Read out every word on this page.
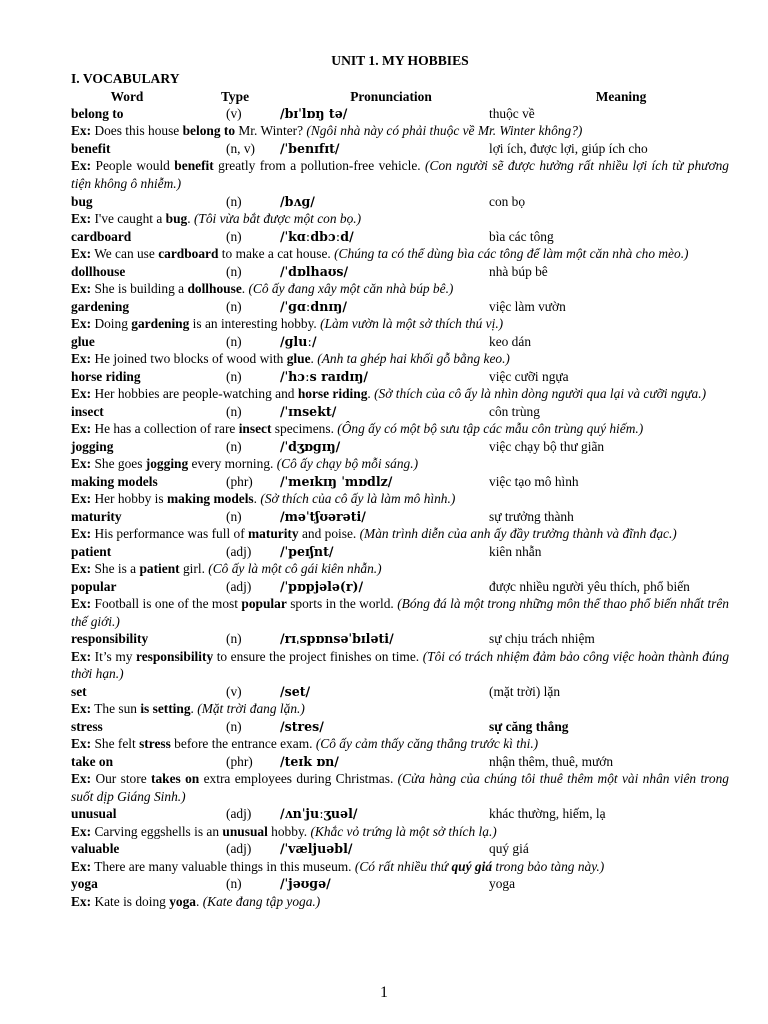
UNIT 1. MY HOBBIES
I. VOCABULARY
Word	Type	Pronunciation	Meaning
belong to	(v)	/bɪˈlɒŋ tə/	thuộc về
Ex: Does this house belong to Mr. Winter? (Ngôi nhà này có phải thuộc về Mr. Winter không?)
benefit	(n, v)	/ˈbenɪfɪt/	lợi ích, được lợi, giúp ích cho
Ex: People would benefit greatly from a pollution-free vehicle. (Con người sẽ được hưởng rất nhiều lợi ích từ phương tiện không ô nhiễm.)
bug	(n)	/bʌɡ/	con bọ
Ex: I've caught a bug. (Tôi vừa bắt được một con bọ.)
cardboard	(n)	/ˈkɑːdbɔːd/	bìa các tông
Ex: We can use cardboard to make a cat house. (Chúng ta có thể dùng bìa các tông để làm một căn nhà cho mèo.)
dollhouse	(n)	/ˈdɒlhaʊs/	nhà búp bê
Ex: She is building a dollhouse. (Cô ấy đang xây một căn nhà búp bê.)
gardening	(n)	/ˈɡɑːdnɪŋ/	việc làm vườn
Ex: Doing gardening is an interesting hobby. (Làm vườn là một sở thích thú vị.)
glue	(n)	/ɡluː/	keo dán
Ex: He joined two blocks of wood with glue. (Anh ta ghép hai khối gỗ bằng keo.)
horse riding	(n)	/ˈhɔːs raɪdɪŋ/	việc cưỡi ngựa
Ex: Her hobbies are people-watching and horse riding. (Sở thích của cô ấy là nhìn dòng người qua lại và cưỡi ngựa.)
insect	(n)	/ˈɪnsekt/	côn trùng
Ex: He has a collection of rare insect specimens. (Ông ấy có một bộ sưu tập các mẫu côn trùng quý hiếm.)
jogging	(n)	/ˈdʒɒɡɪŋ/	việc chạy bộ thư giãn
Ex: She goes jogging every morning. (Cô ấy chạy bộ mỗi sáng.)
making models	(phr)	/ˈmeɪkɪŋ ˈmɒdlz/	việc tạo mô hình
Ex: Her hobby is making models. (Sở thích của cô ấy là làm mô hình.)
maturity	(n)	/məˈtʃʊərəti/	sự trưởng thành
Ex: His performance was full of maturity and poise. (Màn trình diễn của anh ấy đầy trưởng thành và đĩnh đạc.)
patient	(adj)	/ˈpeɪʃnt/	kiên nhẫn
Ex: She is a patient girl. (Cô ấy là một cô gái kiên nhẫn.)
popular	(adj)	/ˈpɒpjələ(r)/	được nhiều người yêu thích, phổ biến
Ex: Football is one of the most popular sports in the world. (Bóng đá là một trong những môn thể thao phổ biến nhất trên thế giới.)
responsibility	(n)	/rɪˌspɒnsəˈbɪləti/	sự chịu trách nhiệm
Ex: It’s my responsibility to ensure the project finishes on time. (Tôi có trách nhiệm đảm bảo công việc hoàn thành đúng thời hạn.)
set	(v)	/set/	(mặt trời) lặn
Ex: The sun is setting. (Mặt trời đang lặn.)
stress	(n)	/stres/	sự căng thẳng
Ex: She felt stress before the entrance exam. (Cô ấy cảm thấy căng thẳng trước kì thi.)
take on	(phr)	/teɪk ɒn/	nhận thêm, thuê, mướn
Ex: Our store takes on extra employees during Christmas. (Cửa hàng của chúng tôi thuê thêm một vài nhân viên trong suốt dịp Giáng Sinh.)
unusual	(adj)	/ʌnˈjuːʒuəl/	khác thường, hiếm, lạ
Ex: Carving eggshells is an unusual hobby. (Khắc vỏ trứng là một sở thích lạ.)
valuable	(adj)	/ˈvæljuəbl/	quý giá
Ex: There are many valuable things in this museum. (Có rất nhiều thứ quý giá trong bảo tàng này.)
yoga	(n)	/ˈjəʊɡə/	yoga
Ex: Kate is doing yoga. (Kate đang tập yoga.)
1
